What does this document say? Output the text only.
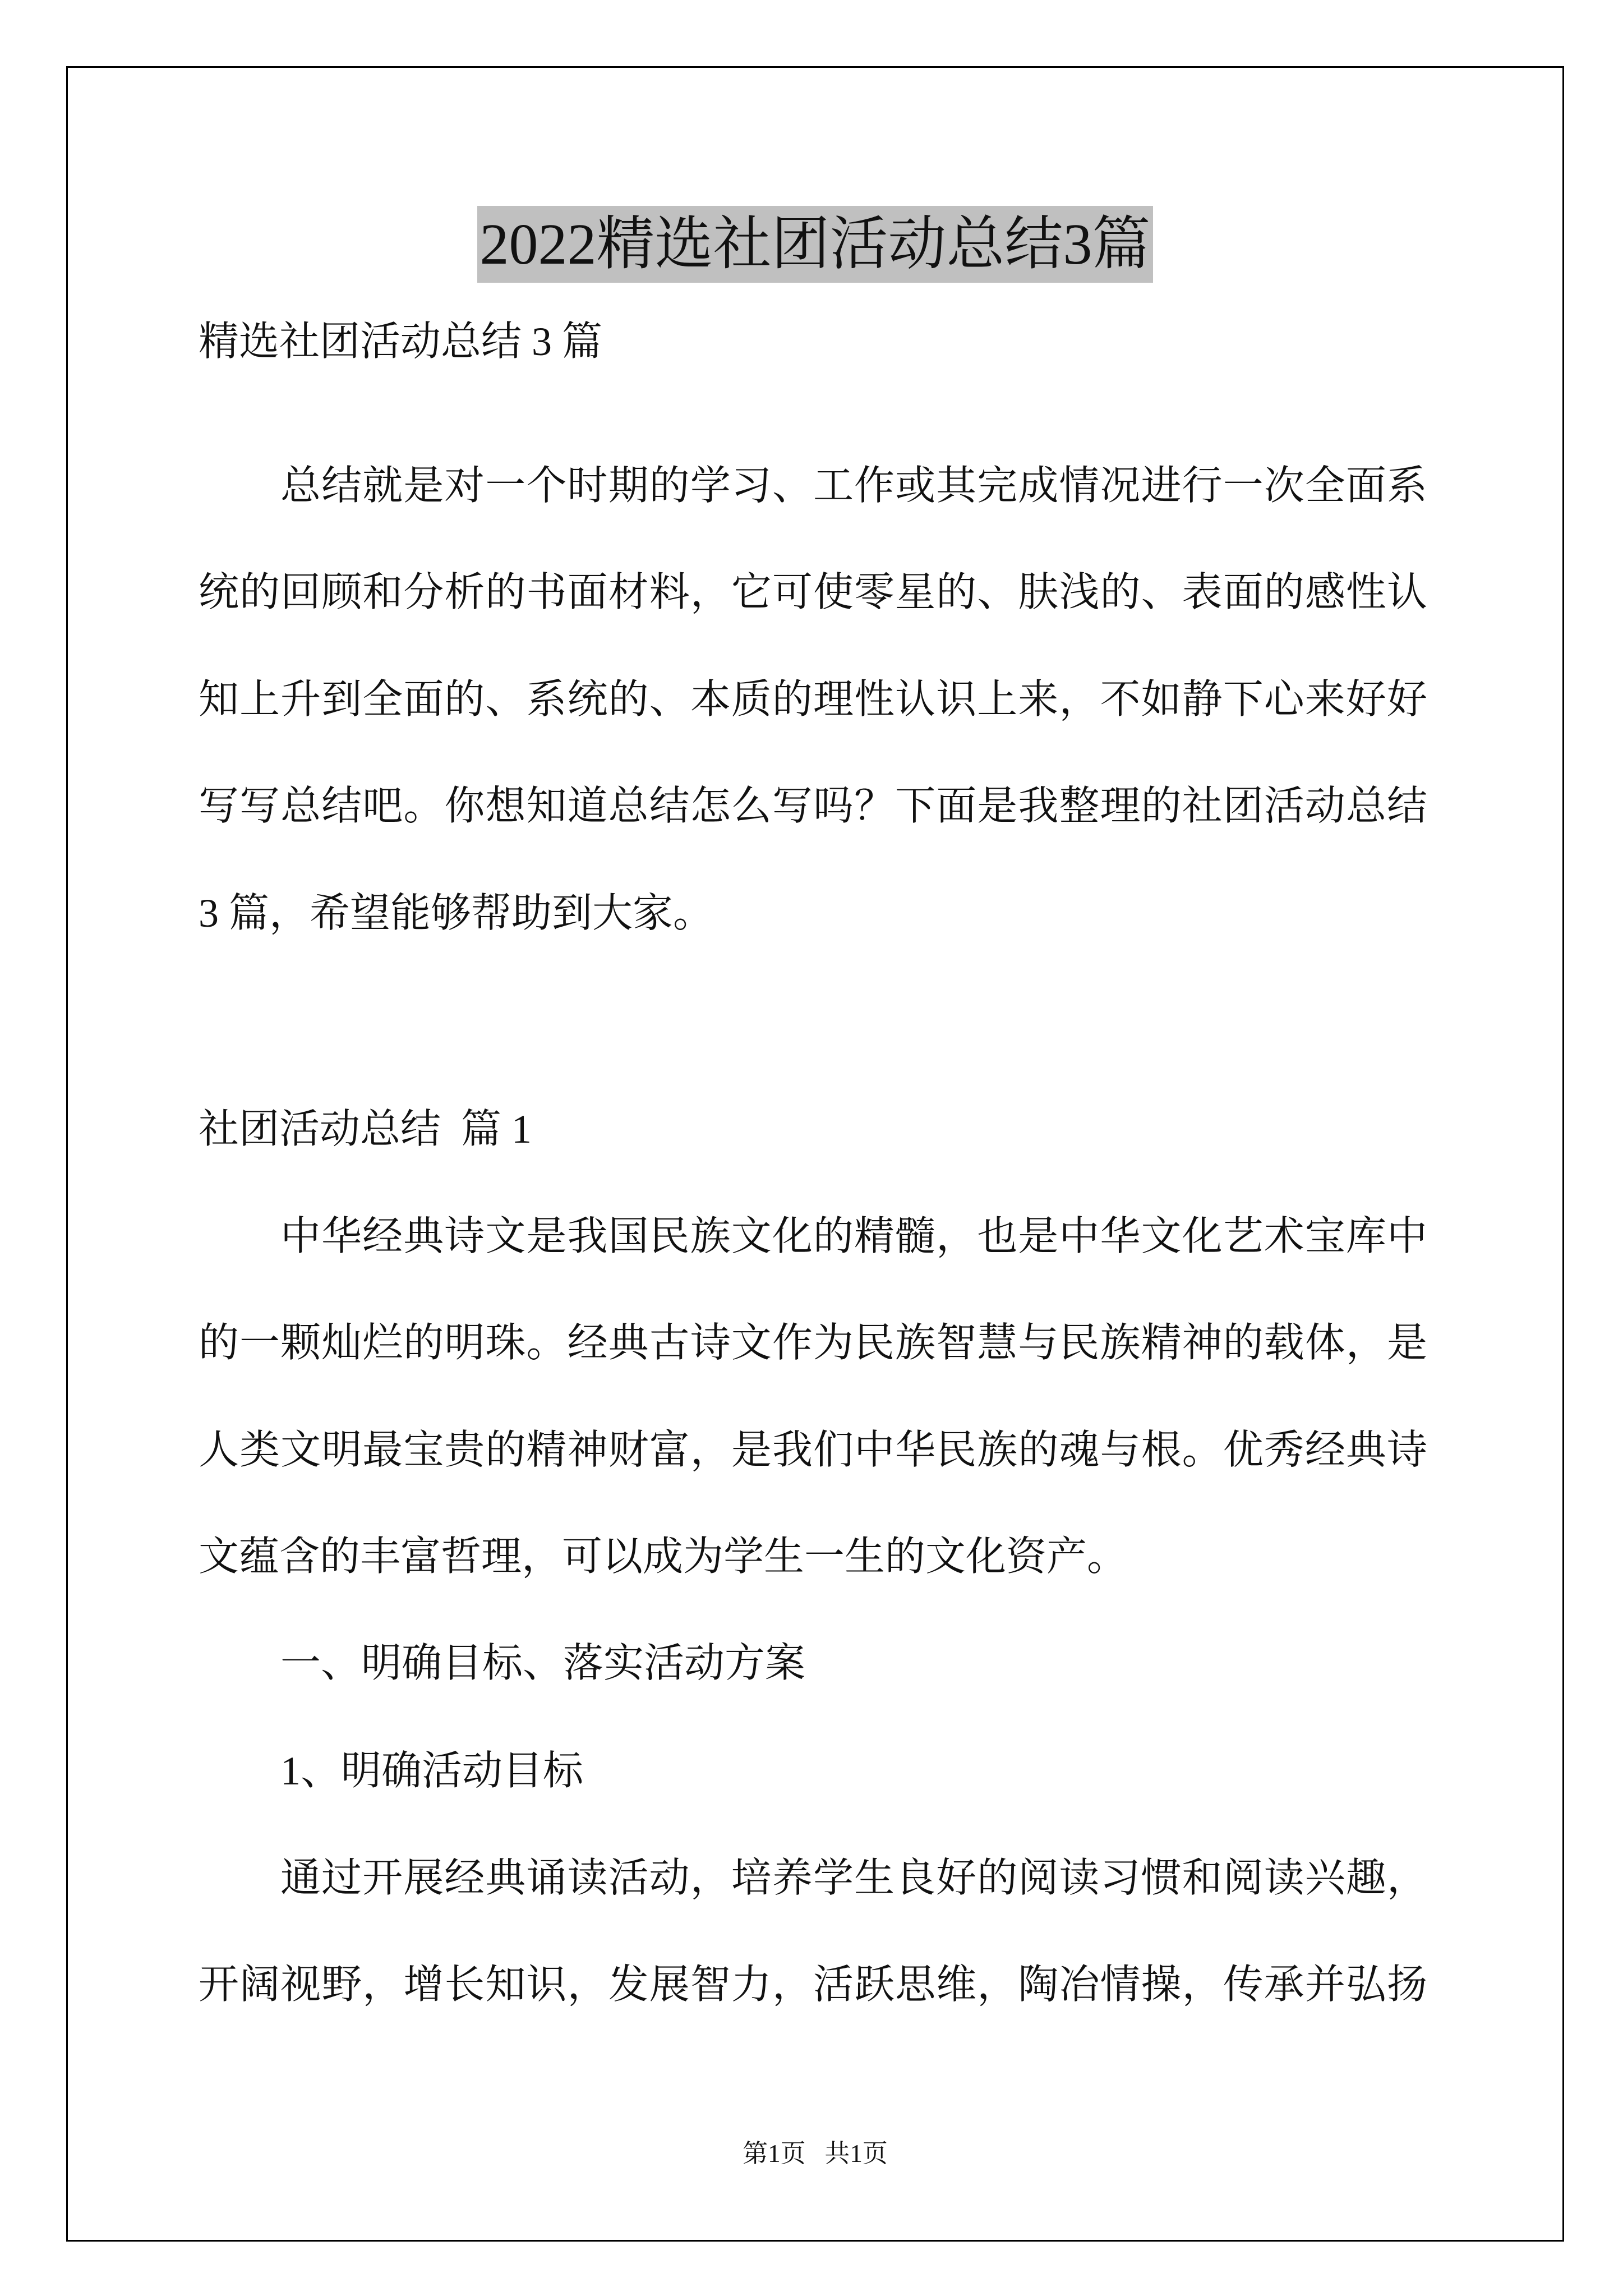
2022精选社团活动总结3篇
精选社团活动总结 3 篇
总结就是对一个时期的学习、工作或其完成情况进行一次全面系
统的回顾和分析的书面材料，它可使零星的、肤浅的、表面的感性认
知上升到全面的、系统的、本质的理性认识上来，不如静下心来好好
写写总结吧。你想知道总结怎么写吗？下面是我整理的社团活动总结
3 篇，希望能够帮助到大家。
社团活动总结  篇 1
中华经典诗文是我国民族文化的精髓，也是中华文化艺术宝库中
的一颗灿烂的明珠。经典古诗文作为民族智慧与民族精神的载体，是
人类文明最宝贵的精神财富，是我们中华民族的魂与根。优秀经典诗
文蕴含的丰富哲理，可以成为学生一生的文化资产。
一、明确目标、落实活动方案
1、明确活动目标
通过开展经典诵读活动，培养学生良好的阅读习惯和阅读兴趣，
开阔视野，增长知识，发展智力，活跃思维，陶冶情操，传承并弘扬
第1页   共1页
